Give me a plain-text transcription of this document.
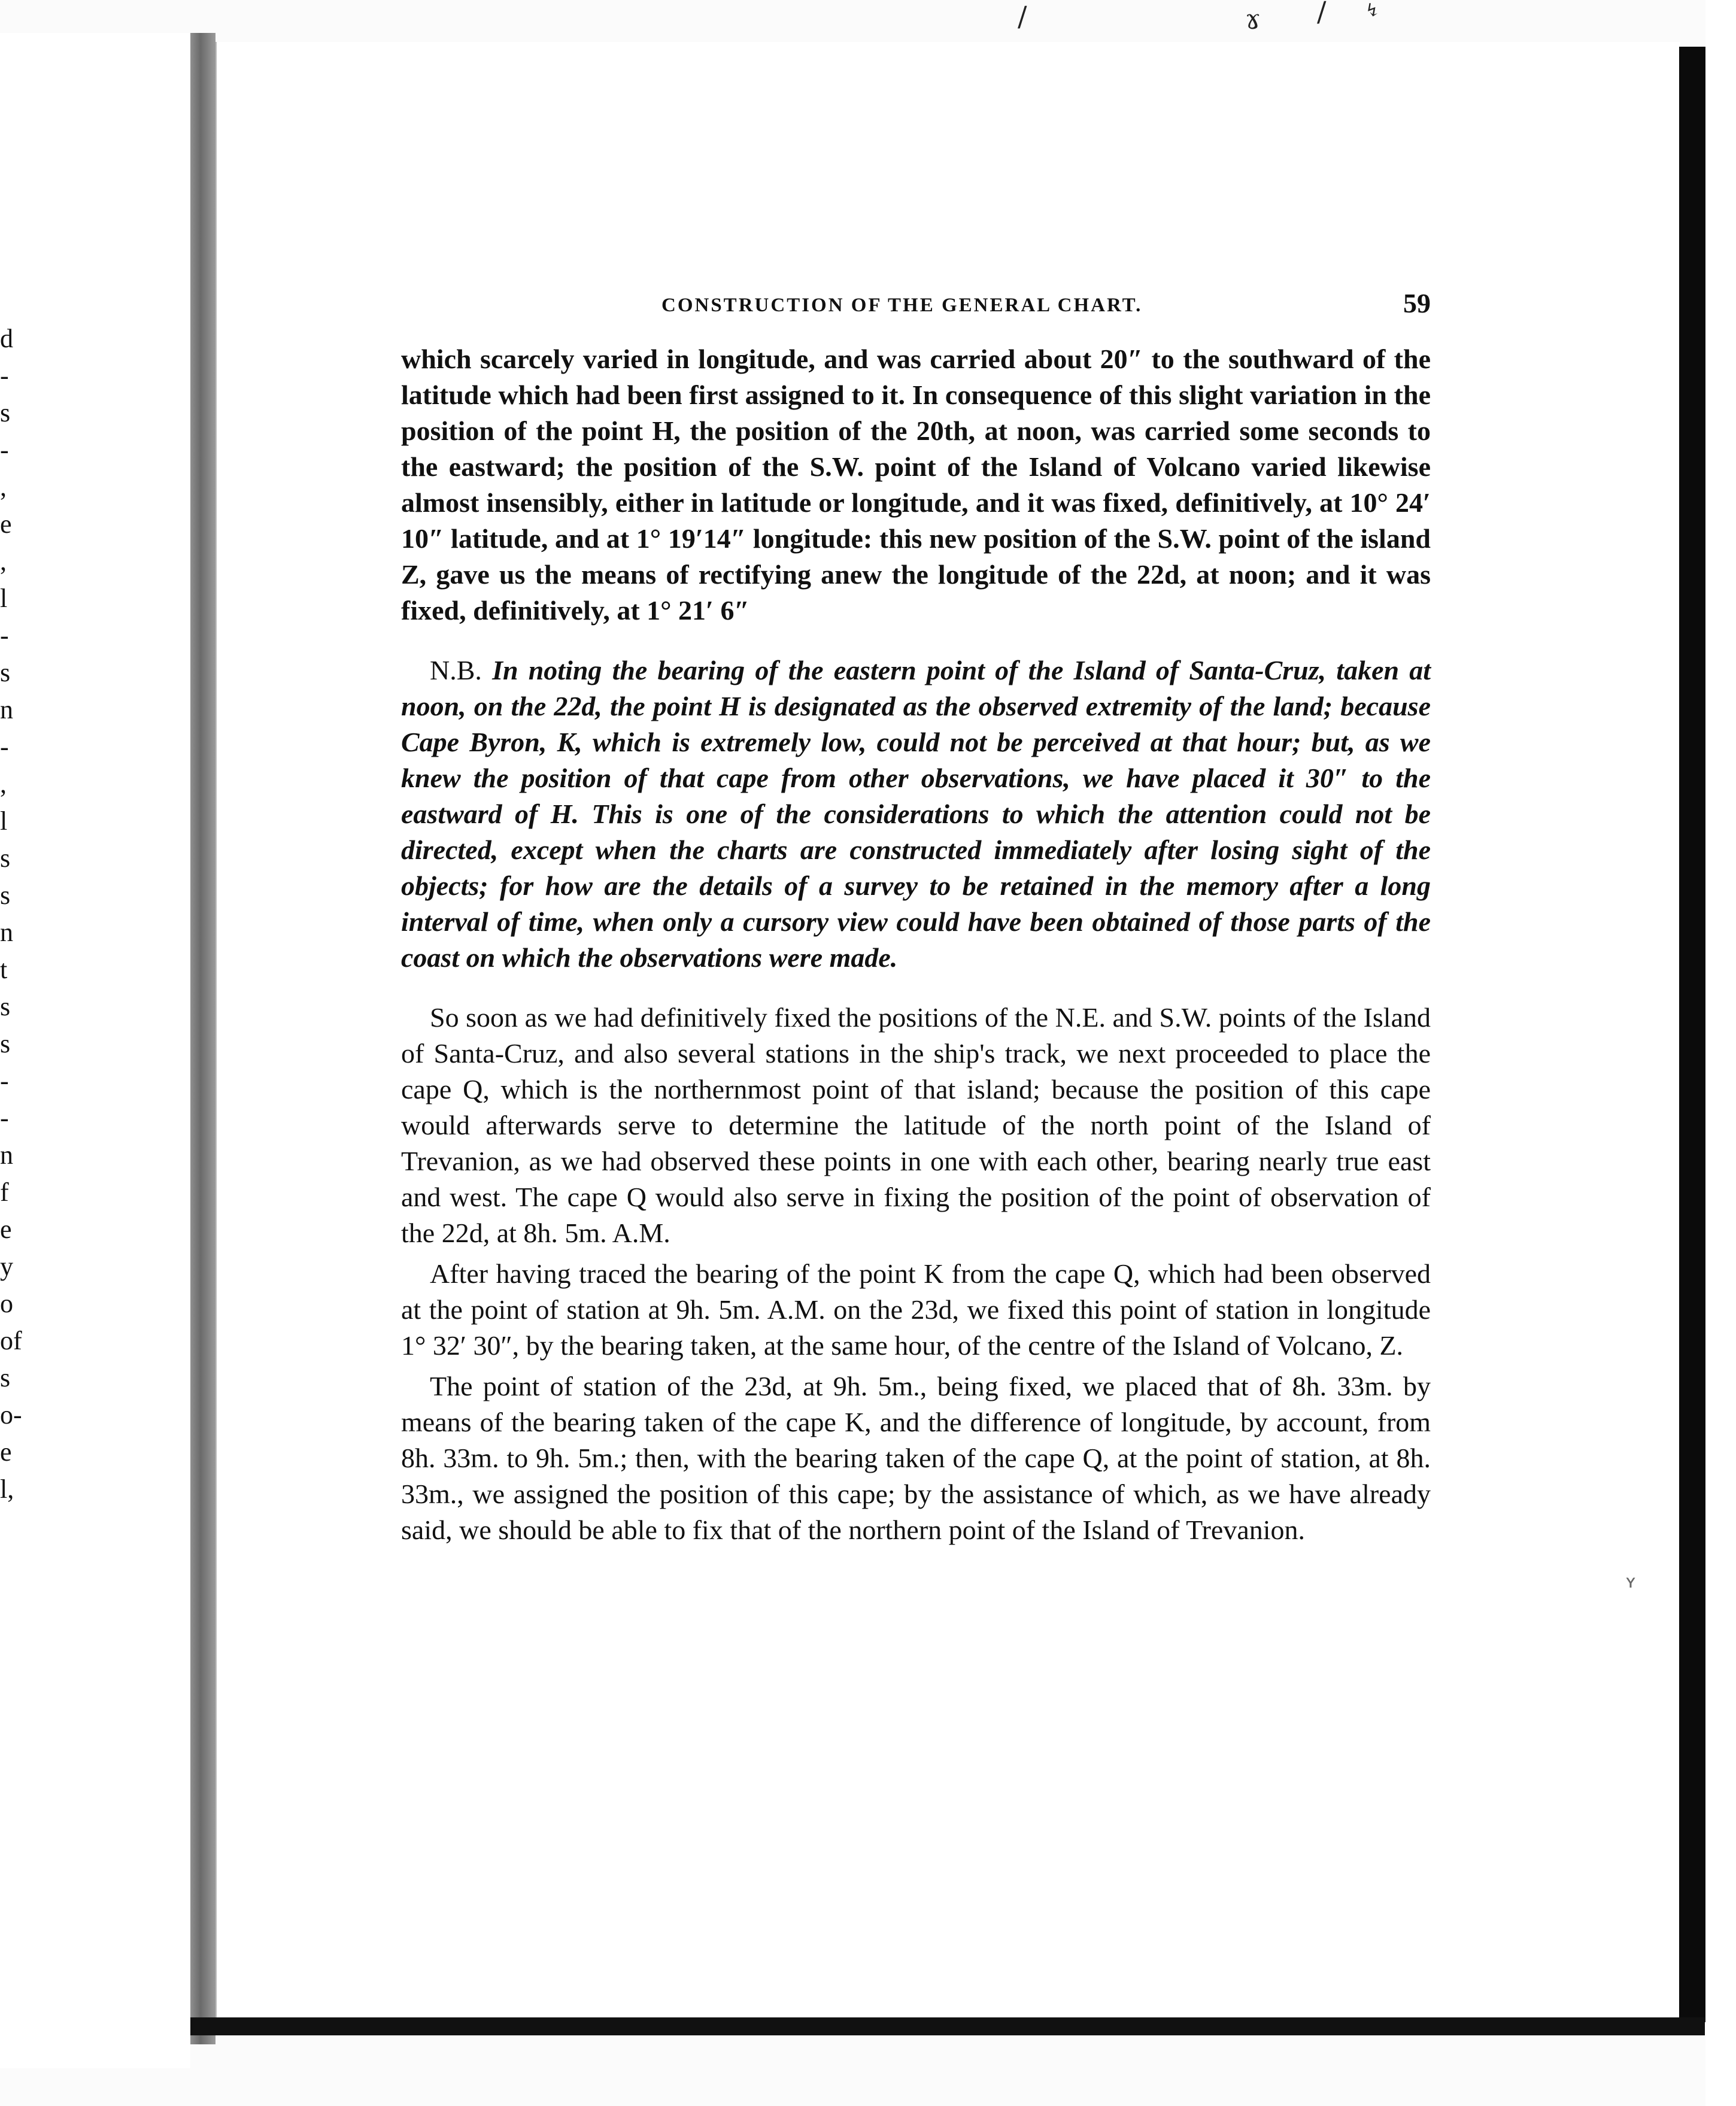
/	ɤ / ↯
d
-
s
-
,
e
,
l
-
s
n
-
,
l
s
s
n
t
s
s
-
-
n
f
e
y
o
of
s
o-
e
l,
CONSTRUCTION OF THE GENERAL CHART.	59

which scarcely varied in longitude, and was carried about 20″ to the southward of the latitude which had been first assigned to it. In consequence of this slight variation in the position of the point H, the position of the 20th, at noon, was carried some seconds to the eastward; the position of the S.W. point of the Island of Volcano varied likewise almost insensibly, either in latitude or longitude, and it was fixed, definitively, at 10° 24′ 10″ latitude, and at 1° 19′14″ longitude: this new position of the S.W. point of the island Z, gave us the means of rectifying anew the longitude of the 22d, at noon; and it was fixed, definitively, at 1° 21′ 6″

N.B. In noting the bearing of the eastern point of the Island of Santa-Cruz, taken at noon, on the 22d, the point H is designated as the observed extremity of the land; because Cape Byron, K, which is extremely low, could not be perceived at that hour; but, as we knew the position of that cape from other observations, we have placed it 30″ to the eastward of H. This is one of the considerations to which the attention could not be directed, except when the charts are constructed immediately after losing sight of the objects; for how are the details of a survey to be retained in the memory after a long interval of time, when only a cursory view could have been obtained of those parts of the coast on which the observations were made.

So soon as we had definitively fixed the positions of the N.E. and S.W. points of the Island of Santa-Cruz, and also several stations in the ship's track, we next proceeded to place the cape Q, which is the northernmost point of that island; because the position of this cape would afterwards serve to determine the latitude of the north point of the Island of Trevanion, as we had observed these points in one with each other, bearing nearly true east and west. The cape Q would also serve in fixing the position of the point of observation of the 22d, at 8h. 5m. A.M.

After having traced the bearing of the point K from the cape Q, which had been observed at the point of station at 9h. 5m. A.M. on the 23d, we fixed this point of station in longitude 1° 32′ 30″, by the bearing taken, at the same hour, of the centre of the Island of Volcano, Z.

The point of station of the 23d, at 9h. 5m., being fixed, we placed that of 8h. 33m. by means of the bearing taken of the cape K, and the difference of longitude, by account, from 8h. 33m. to 9h. 5m.; then, with the bearing taken of the cape Q, at the point of station, at 8h. 33m., we assigned the position of this cape; by the assistance of which, as we have already said, we should be able to fix that of the northern point of the Island of Trevanion.

ʏ
